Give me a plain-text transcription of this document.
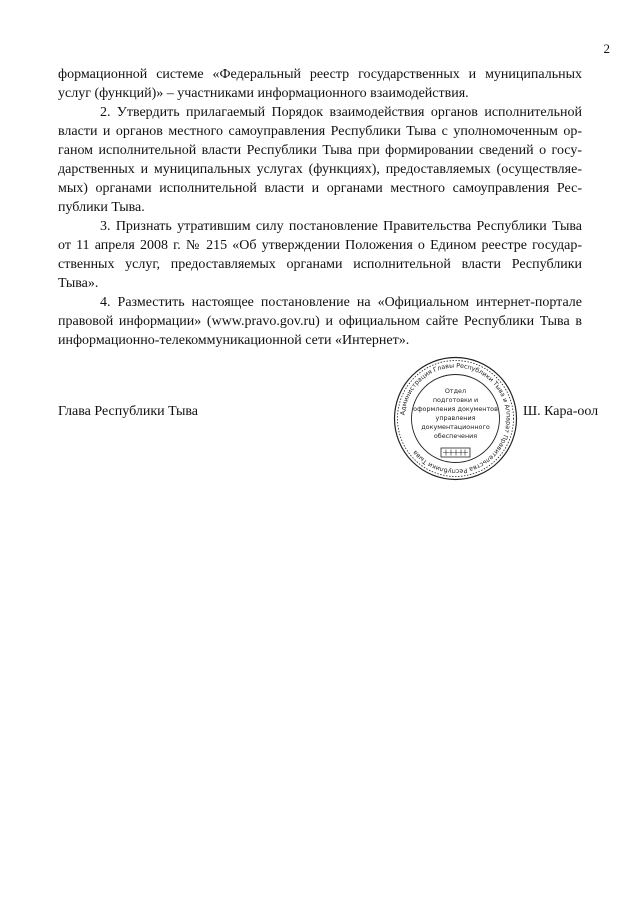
2

формационной системе «Федеральный реестр государственных и муниципальных услуг (функций)» – участниками информационного взаимодействия.

2. Утвердить прилагаемый Порядок взаимодействия органов исполнительной власти и органов местного самоуправления Республики Тыва с уполномоченным органом исполнительной власти Республики Тыва при формировании сведений о государственных и муниципальных услугах (функциях), предоставляемых (осуществляемых) органами исполнительной власти и органами местного самоуправления Республики Тыва.

3. Признать утратившим силу постановление Правительства Республики Тыва от 11 апреля 2008 г. № 215 «Об утверждении Положения о Едином реестре государственных услуг, предоставляемых органами исполнительной власти Республики Тыва».

4. Разместить настоящее постановление на «Официальном интернет-портале правовой информации» (www.pravo.gov.ru) и официальном сайте Республики Тыва в информационно-телекоммуникационной сети «Интернет».

Глава Республики Тыва	Администрация Главы Республики Тыва и Аппарат Правительства Республики Тыва
Отдел
подготовки и
оформления документов
управления
документационного
обеспечения
Ш. Кара-оол
